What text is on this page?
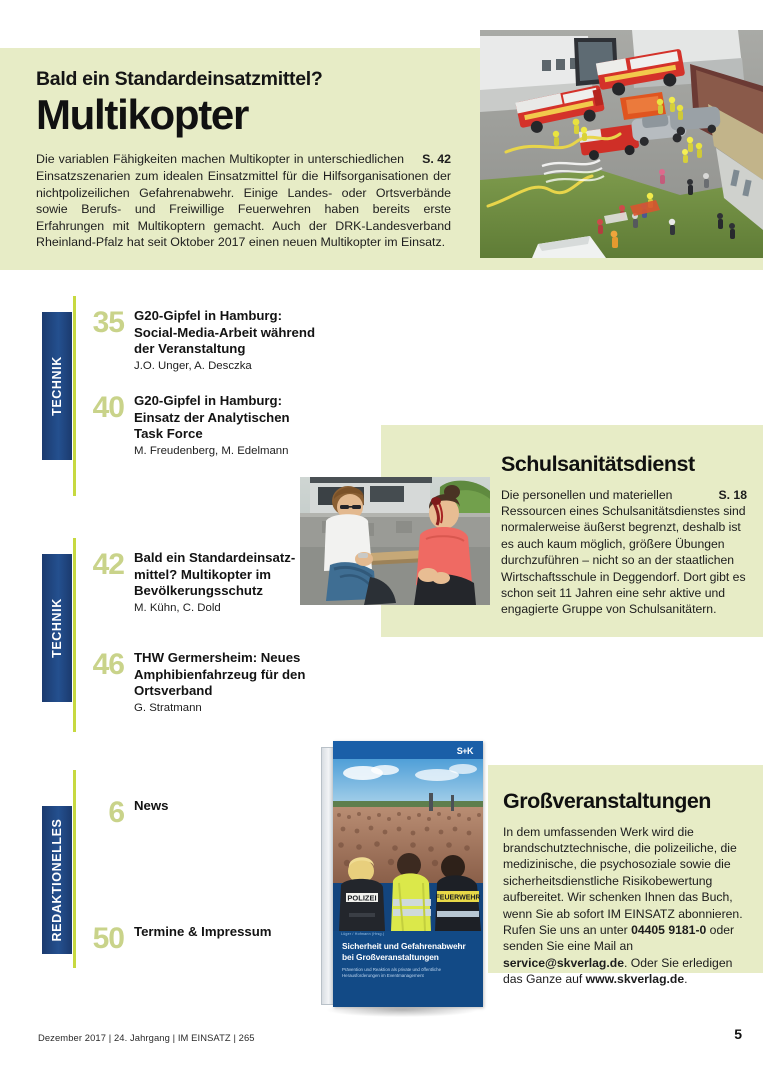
Bald ein Standardeinsatzmittel?

Multikopter

S. 42
Die variablen Fähigkeiten machen Multikopter in unterschiedlichen Einsatzszenarien zum idealen Einsatzmittel für die Hilfsorganisationen der nichtpolizeilichen Gefahrenabwehr. Einige Landes- oder Ortsverbände sowie Berufs- und Freiwillige Feuerwehren haben bereits erste Erfahrungen mit Multikoptern gemacht. Auch der DRK-Landesverband Rheinland-Pfalz hat seit Oktober 2017 einen neuen Multikopter im Einsatz.

TECHNIK
35 G20-Gipfel in Hamburg: Social-Media-Arbeit während der Veranstaltung

J.O. Unger, A. Desczka

40 G20-Gipfel in Hamburg: Einsatz der Analytischen Task Force

M. Freudenberg, M. Edelmann

TECHNIK
42 Bald ein Standardeinsatzmittel? Multikopter im Bevölkerungsschutz

M. Kühn, C. Dold

46 THW Germersheim: Neues Amphibienfahrzeug für den Ortsverband

G. Stratmann

REDAKTIONELLES
6 News

50 Termine & Impressum

Schulsanitätsdienst

S. 18
Die personellen und materiellen Ressourcen eines Schulsanitätsdienstes sind normalerweise äußerst begrenzt, deshalb ist es auch kaum möglich, größere Übungen durchzuführen – nicht so an der staatlichen Wirtschaftsschule in Deggendorf. Dort gibt es schon seit 11 Jahren eine sehr aktive und engagierte Gruppe von Schulsanitätern.

S+K
POLIZEI	FEUERWEHR
Lüger / Hofmann (Hrsg.)
Sicherheit und Gefahrenabwehr bei Großveranstaltungen
Prävention und Reaktion als private und öffentliche Herausforderungen im Eventmanagement
Großveranstaltungen

In dem umfassenden Werk wird die brandschutztechnische, die polizeiliche, die medizinische, die psychosoziale sowie die sicherheitsdienstliche Risikobewertung aufbereitet. Wir schenken Ihnen das Buch, wenn Sie ab sofort IM EINSATZ abonnieren. Rufen Sie uns an unter 04405 9181-0 oder senden Sie eine Mail an service@skverlag.de. Oder Sie erledigen das Ganze auf www.skverlag.de.

Dezember 2017 | 24. Jahrgang | IM EINSATZ | 265	5
